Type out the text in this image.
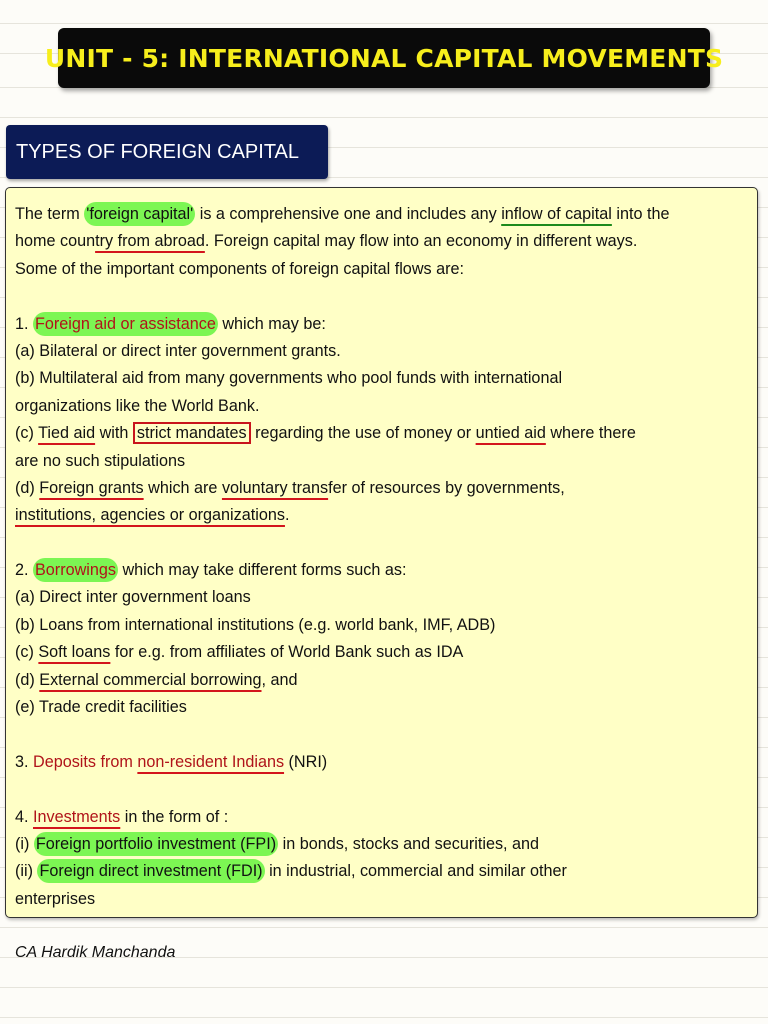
UNIT - 5: INTERNATIONAL CAPITAL MOVEMENTS
TYPES OF FOREIGN CAPITAL
The term 'foreign capital' is a comprehensive one and includes any inflow of capital into the
home country from abroad. Foreign capital may flow into an economy in different ways.
Some of the important components of foreign capital flows are:
1. Foreign aid or assistance which may be:
(a) Bilateral or direct inter government grants.
(b) Multilateral aid from many governments who pool funds with international
organizations like the World Bank.
(c) Tied aid with strict mandates regarding the use of money or untied aid where there
are no such stipulations
(d) Foreign grants which are voluntary transfer of resources by governments,
institutions, agencies or organizations.
2. Borrowings which may take different forms such as:
(a) Direct inter government loans
(b) Loans from international institutions (e.g. world bank, IMF, ADB)
(c) Soft loans for e.g. from affiliates of World Bank such as IDA
(d) External commercial borrowing, and
(e) Trade credit facilities
3. Deposits from non-resident Indians (NRI)
4. Investments in the form of :
(i) Foreign portfolio investment (FPI) in bonds, stocks and securities, and
(ii) Foreign direct investment (FDI) in industrial, commercial and similar other
enterprises
CA Hardik Manchanda
